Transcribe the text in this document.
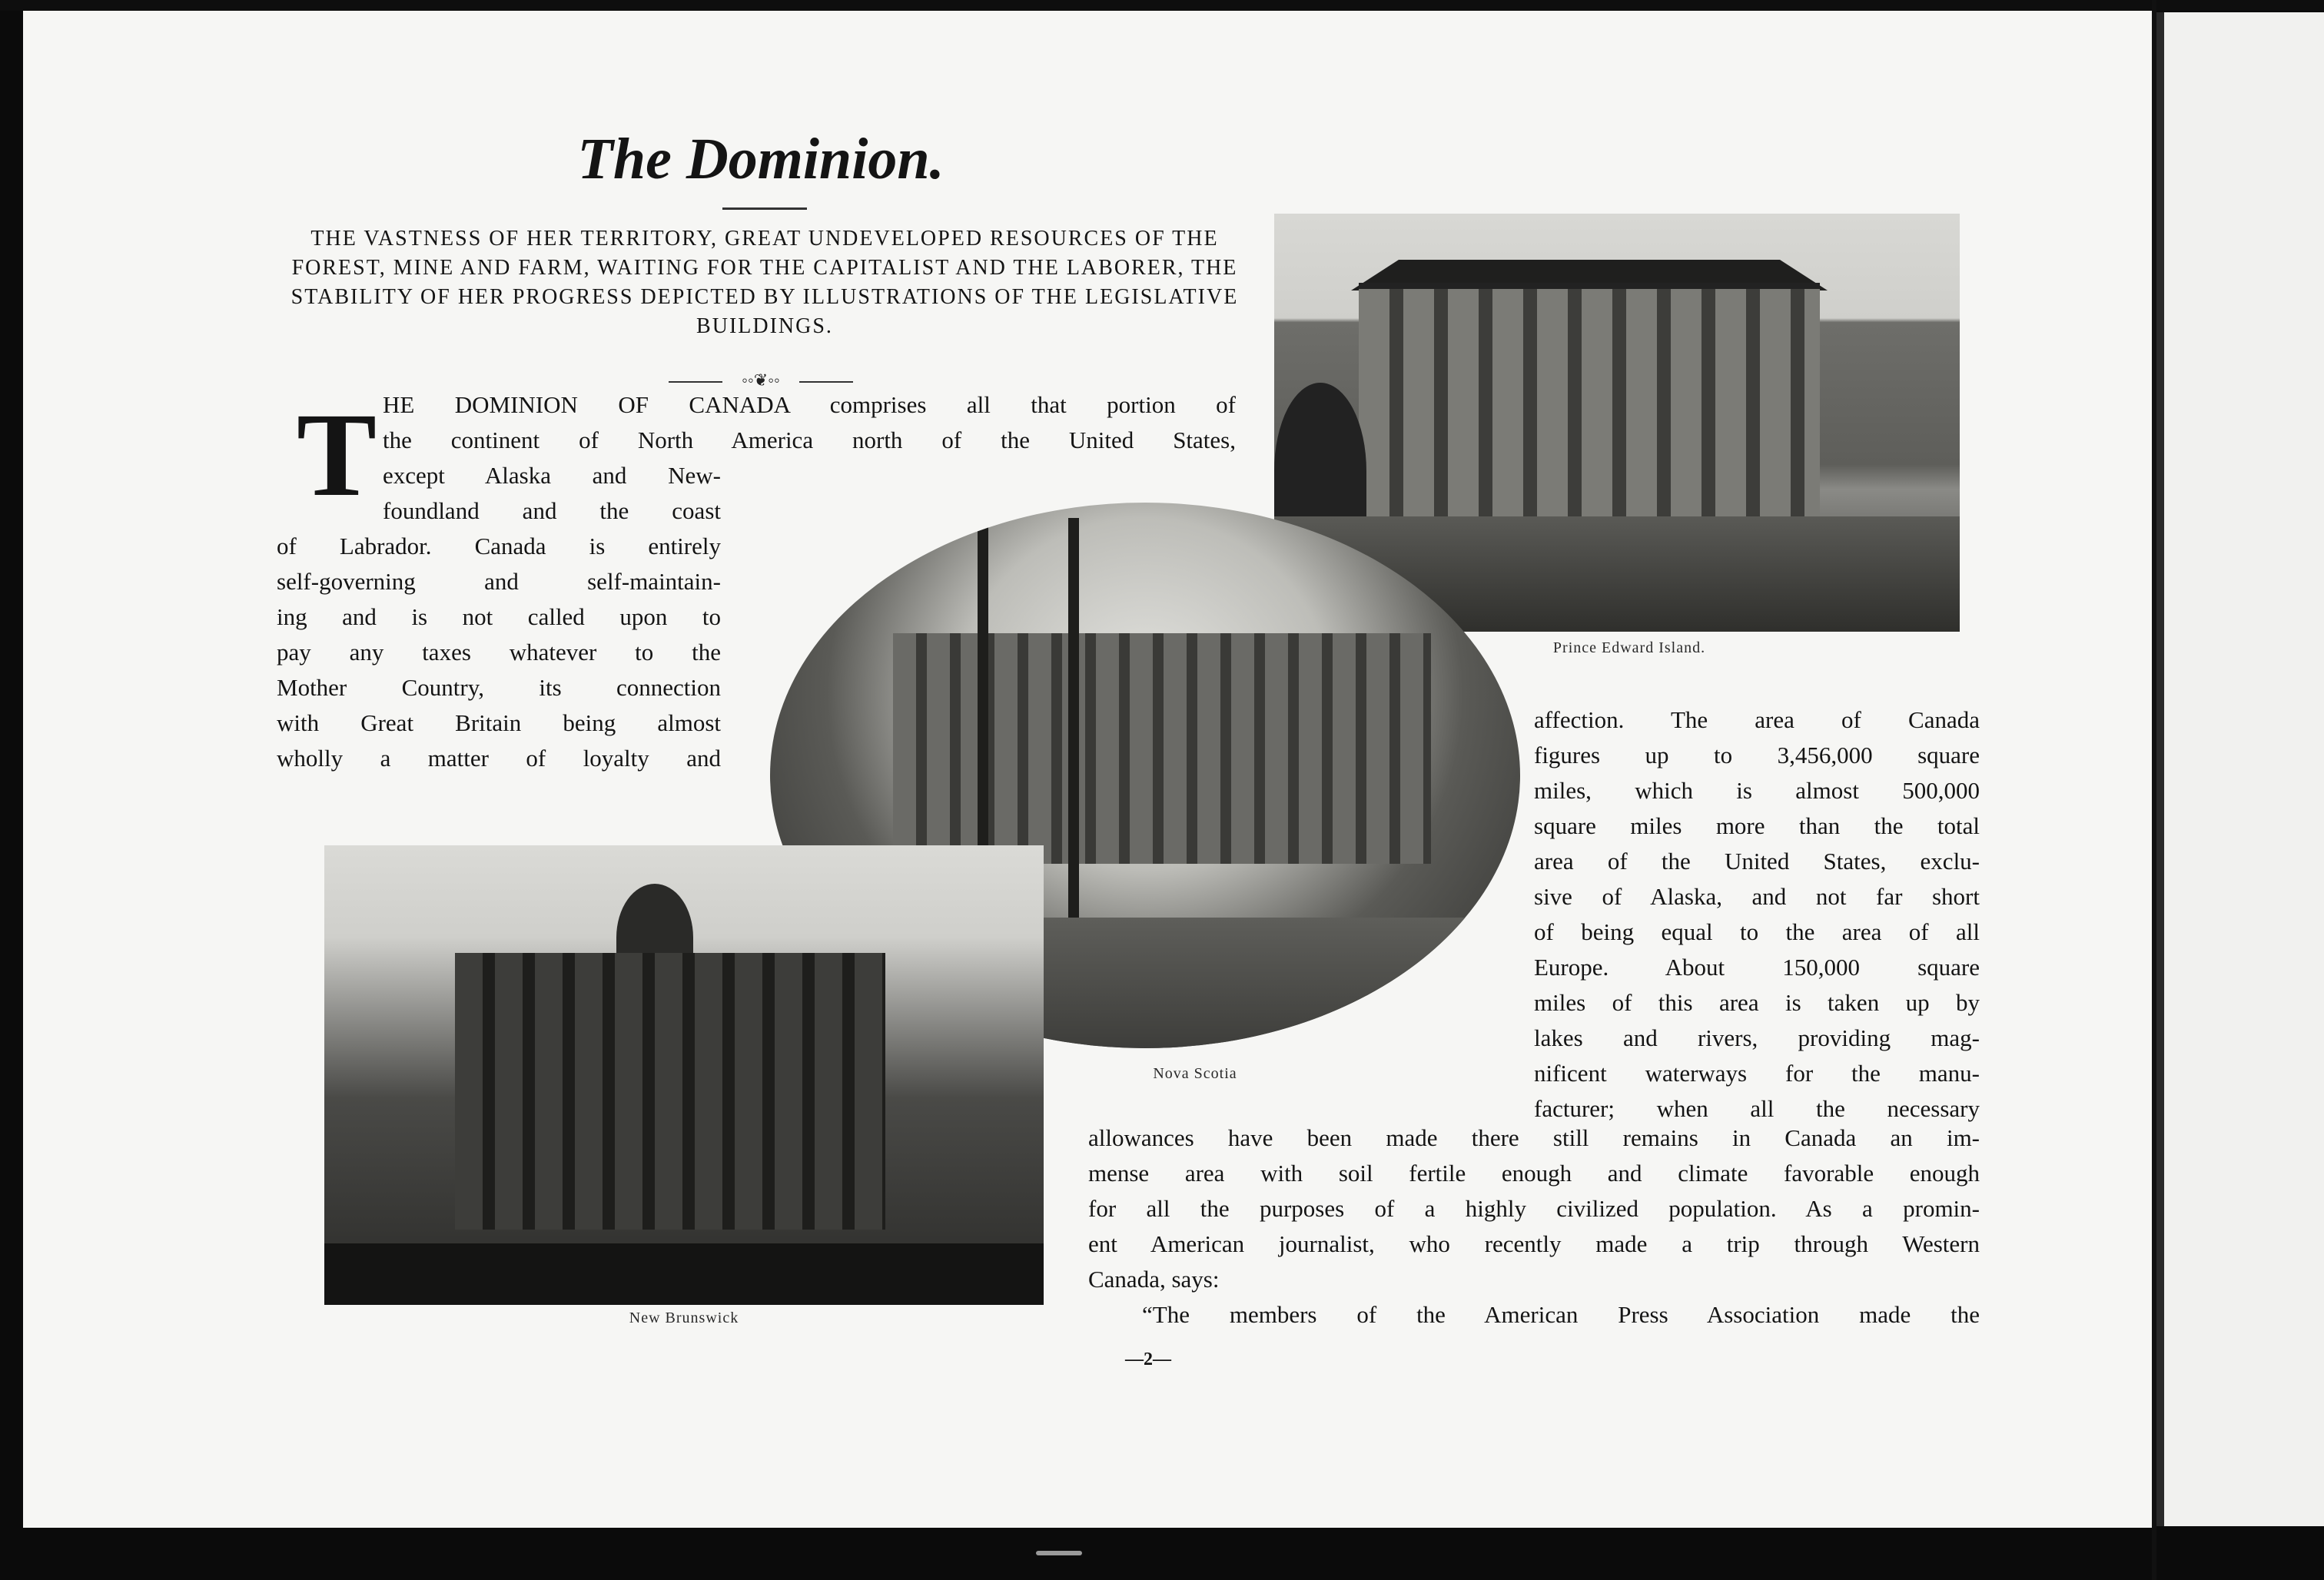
The Dominion.
THE VASTNESS OF HER TERRITORY, GREAT UNDEVELOPED RESOURCES OF THE FOREST, MINE AND FARM, WAITING FOR THE CAPITALIST AND THE LABORER, THE STABILITY OF HER PROGRESS DEPICTED BY ILLUSTRATIONS OF THE LEGISLATIVE BUILDINGS.
◦◦❦◦◦
T HE DOMINION OF CANADA comprises all that portion of
the continent of North America north of the United States,
except Alaska and New-
foundland and the coast
of Labrador. Canada is entirely
self-governing and self-maintain-
ing and is not called upon to
pay any taxes whatever to the
Mother Country, its connection
with Great Britain being almost
wholly a matter of loyalty and
affection. The area of Canada
figures up to 3,456,000 square
miles, which is almost 500,000
square miles more than the total
area of the United States, exclu-
sive of Alaska, and not far short
of being equal to the area of all
Europe. About 150,000 square
miles of this area is taken up by
lakes and rivers, providing mag-
nificent waterways for the manu-
facturer; when all the necessary
allowances have been made there still remains in Canada an im-
mense area with soil fertile enough and climate favorable enough
for all the purposes of a highly civilized population. As a promin-
ent American journalist, who recently made a trip through Western
Canada, says:
“The members of the American Press Association made the
Prince Edward Island.
Nova Scotia
New Brunswick
—2—
